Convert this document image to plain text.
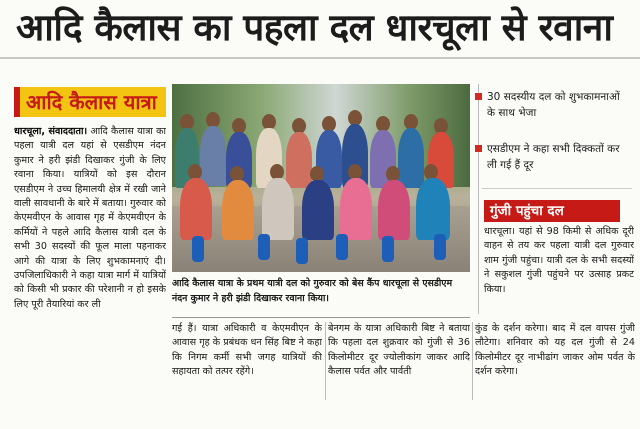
आदि कैलास का पहला दल धारचूला से रवाना
आदि कैलास यात्रा
धारचूला, संवाददाता। आदि कैलास यात्रा का पहला यात्री दल यहां से एसडीएम नंदन कुमार ने हरी झंडी दिखाकर गुंजी के लिए रवाना किया। यात्रियों को इस दौरान एसडीएम ने उच्च हिमालयी क्षेत्र में रखी जाने वाली सावधानी के बारे में बताया। गुरुवार को केएमवीएन के आवास गृह में केएमवीएन के कर्मियों ने पहले आदि कैलास यात्री दल के सभी 30 सदस्यों की फूल माला पहनाकर आगे की यात्रा के लिए शुभकामनाएं दी। उपजिलाधिकारी ने कहा यात्रा मार्ग में यात्रियों को किसी भी प्रकार की परेशानी न हो इसके लिए पूरी तैयारियां कर ली
आदि कैलास यात्रा के प्रथम यात्री दल को गुरुवार को बेस कैंप धारचूला से एसडीएम नंदन कुमार ने हरी झंडी दिखाकर रवाना किया।
गई हैं। यात्रा अधिकारी व केएमवीएन के आवास गृह के प्रबंधक धन सिंह बिष्ट ने कहा कि निगम कर्मी सभी जगह यात्रियों की सहायता को तत्पर रहेंगे।
बेनगम के यात्रा अधिकारी बिष्ट ने बताया कि पहला दल शुक्रवार को गुंजी से 36 किलोमीटर दूर ज्योलीकांग जाकर आदि कैलास पर्वत और पार्वती
कुंड के दर्शन करेगा। बाद में दल वापस गुंजी लौटेगा। शनिवार को यह दल गुंजी से 24 किलोमीटर दूर नाभीढांग जाकर ओम पर्वत के दर्शन करेगा।
30 सदस्यीय दल को शुभकामनाओं के साथ भेजा
एसडीएम ने कहा सभी दिक्कतों कर ली गई हैं दूर
गुंजी पहुंचा दल
धारचूला। यहां से 98 किमी से अधिक दूरी वाहन से तय कर पहला यात्री दल गुरुवार शाम गुंजी पहुंचा। यात्री दल के सभी सदस्यों ने सकुशल गुंजी पहुंचने पर उत्साह प्रकट किया।
